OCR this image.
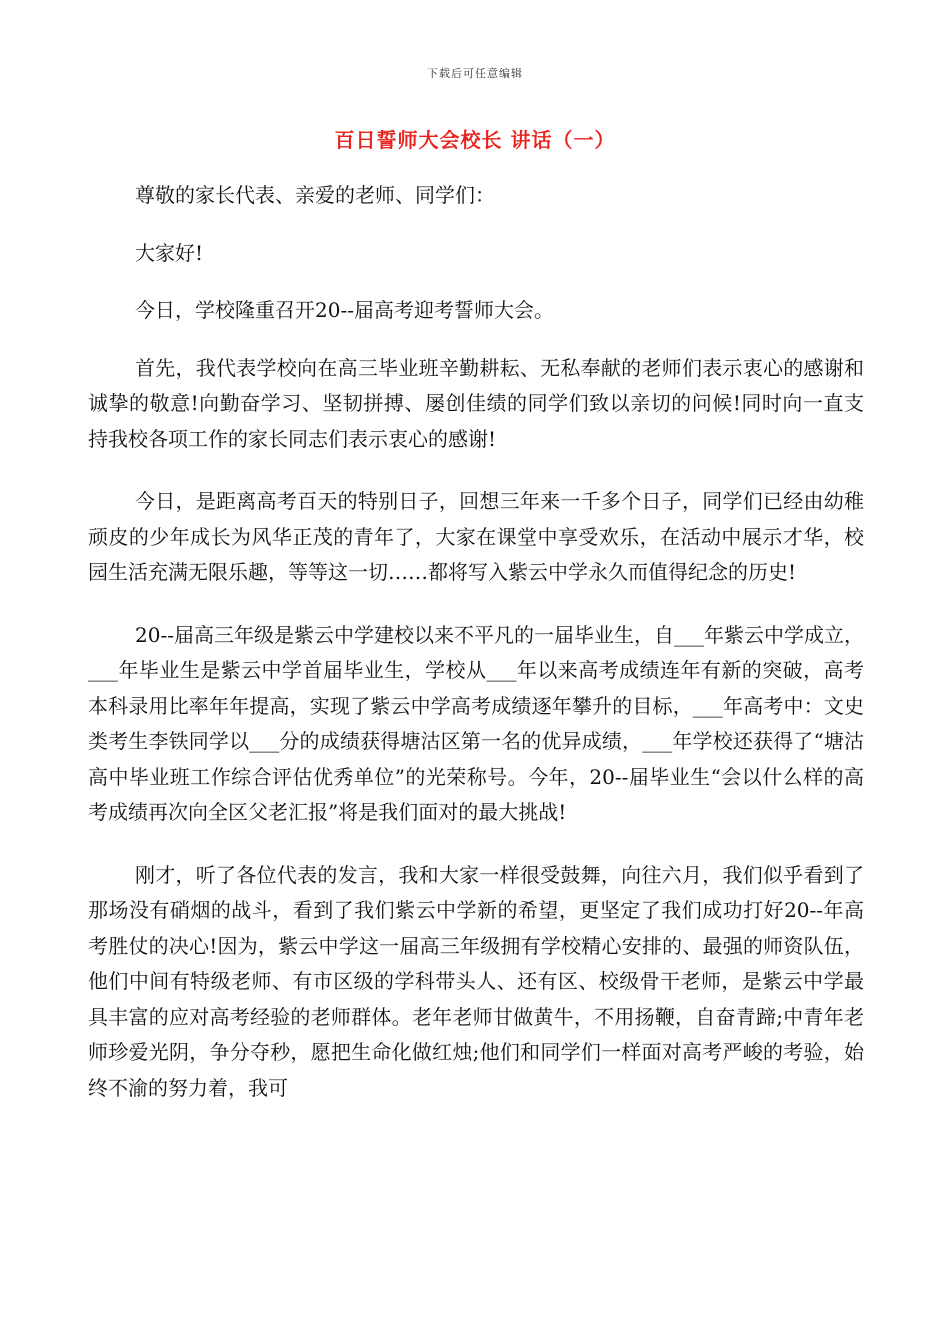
下载后可任意编辑
百日誓师大会校长 讲话（一）

尊敬的家长代表、亲爱的老师、同学们：

大家好!

今日，学校隆重召开20--届高考迎考誓师大会。

首先，我代表学校向在高三毕业班辛勤耕耘、无私奉献的老师们表示衷心的感谢和诚挚的敬意!向勤奋学习、坚韧拼搏、屡创佳绩的同学们致以亲切的问候!同时向一直支持我校各项工作的家长同志们表示衷心的感谢!

今日，是距离高考百天的特别日子，回想三年来一千多个日子，同学们已经由幼稚顽皮的少年成长为风华正茂的青年了，大家在课堂中享受欢乐，在活动中展示才华，校园生活充满无限乐趣，等等这一切……都将写入紫云中学永久而值得纪念的历史!

20--届高三年级是紫云中学建校以来不平凡的一届毕业生，自___年紫云中学成立，___年毕业生是紫云中学首届毕业生，学校从___年以来高考成绩连年有新的突破，高考本科录用比率年年提高，实现了紫云中学高考成绩逐年攀升的目标，___年高考中：文史类考生李铁同学以___分的成绩获得塘沽区第一名的优异成绩，___年学校还获得了“塘沽高中毕业班工作综合评估优秀单位”的光荣称号。今年，20--届毕业生“会以什么样的高考成绩再次向全区父老汇报”将是我们面对的最大挑战!

刚才，听了各位代表的发言，我和大家一样很受鼓舞，向往六月，我们似乎看到了那场没有硝烟的战斗，看到了我们紫云中学新的希望，更坚定了我们成功打好20--年高考胜仗的决心!因为，紫云中学这一届高三年级拥有学校精心安排的、最强的师资队伍，他们中间有特级老师、有市区级的学科带头人、还有区、校级骨干老师，是紫云中学最具丰富的应对高考经验的老师群体。老年老师甘做黄牛，不用扬鞭，自奋青蹄;中青年老师珍爱光阴，争分夺秒，愿把生命化做红烛;他们和同学们一样面对高考严峻的考验，始终不渝的努力着，我可
